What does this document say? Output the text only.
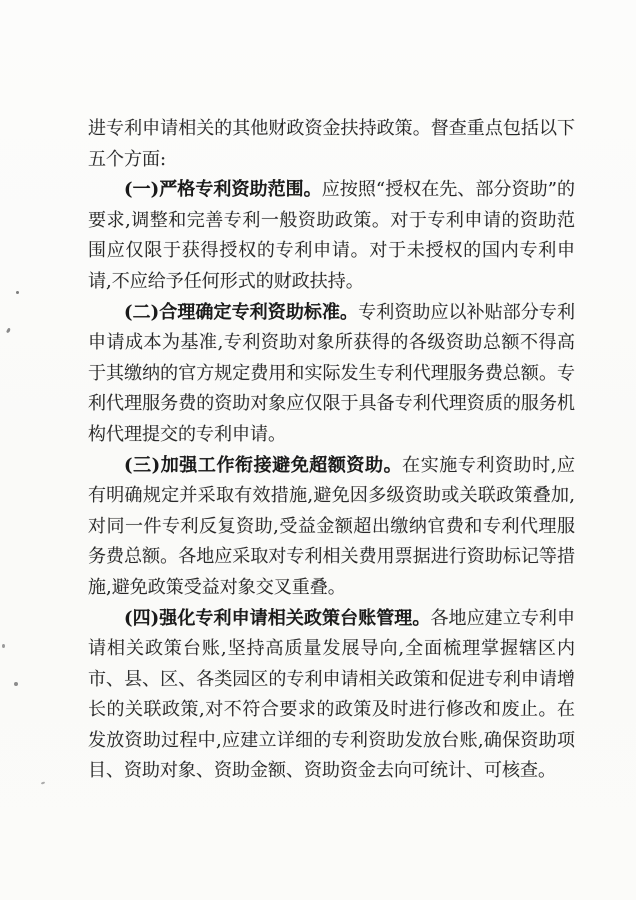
进专利申请相关的其他财政资金扶持政策。督查重点包括以下五个方面:

(一)严格专利资助范围。应按照“授权在先、部分资助”的要求,调整和完善专利一般资助政策。对于专利申请的资助范围应仅限于获得授权的专利申请。对于未授权的国内专利申请,不应给予任何形式的财政扶持。

(二)合理确定专利资助标准。专利资助应以补贴部分专利申请成本为基准,专利资助对象所获得的各级资助总额不得高于其缴纳的官方规定费用和实际发生专利代理服务费总额。专利代理服务费的资助对象应仅限于具备专利代理资质的服务机构代理提交的专利申请。

(三)加强工作衔接避免超额资助。在实施专利资助时,应有明确规定并采取有效措施,避免因多级资助或关联政策叠加,对同一件专利反复资助,受益金额超出缴纳官费和专利代理服务费总额。各地应采取对专利相关费用票据进行资助标记等措施,避免政策受益对象交叉重叠。

(四)强化专利申请相关政策台账管理。各地应建立专利申请相关政策台账,坚持高质量发展导向,全面梳理掌握辖区内市、县、区、各类园区的专利申请相关政策和促进专利申请增长的关联政策,对不符合要求的政策及时进行修改和废止。在发放资助过程中,应建立详细的专利资助发放台账,确保资助项目、资助对象、资助金额、资助资金去向可统计、可核查。
